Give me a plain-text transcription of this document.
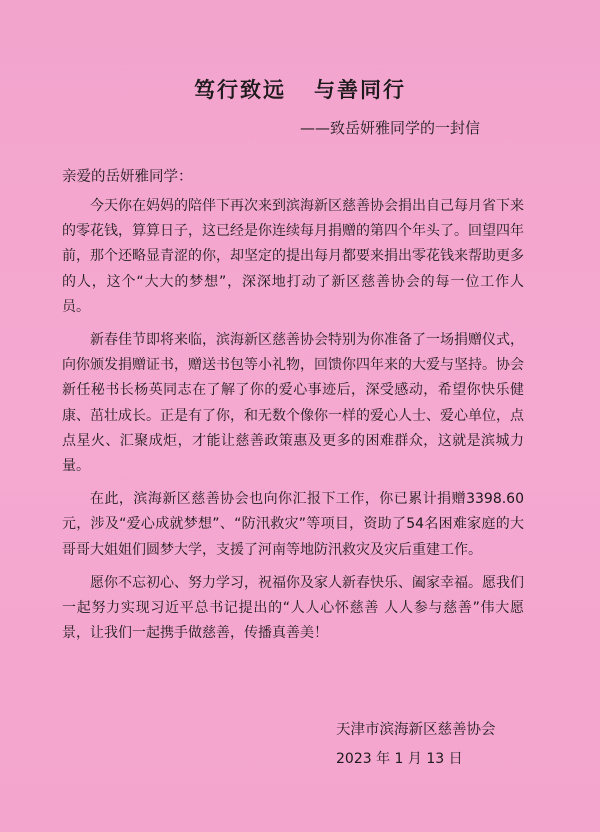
笃行致远   与善同行
——致岳妍雅同学的一封信
亲爱的岳妍雅同学：

今天你在妈妈的陪伴下再次来到滨海新区慈善协会捐出自己每月省下来的零花钱，算算日子，这已经是你连续每月捐赠的第四个年头了。回望四年前，那个还略显青涩的你，却坚定的提出每月都要来捐出零花钱来帮助更多的人，这个“大大的梦想”，深深地打动了新区慈善协会的每一位工作人员。

新春佳节即将来临，滨海新区慈善协会特别为你准备了一场捐赠仪式，向你颁发捐赠证书，赠送书包等小礼物，回馈你四年来的大爱与坚持。协会新任秘书长杨英同志在了解了你的爱心事迹后，深受感动，希望你快乐健康、茁壮成长。正是有了你，和无数个像你一样的爱心人士、爱心单位，点点星火、汇聚成炬，才能让慈善政策惠及更多的困难群众，这就是滨城力量。

在此，滨海新区慈善协会也向你汇报下工作，你已累计捐赠3398.60元，涉及“爱心成就梦想”、“防汛救灾”等项目，资助了54名困难家庭的大哥哥大姐姐们圆梦大学，支援了河南等地防汛救灾及灾后重建工作。

愿你不忘初心、努力学习，祝福你及家人新春快乐、阖家幸福。愿我们一起努力实现习近平总书记提出的“人人心怀慈善 人人参与慈善”伟大愿景，让我们一起携手做慈善，传播真善美！

天津市滨海新区慈善协会
2023 年 1 月 13 日
